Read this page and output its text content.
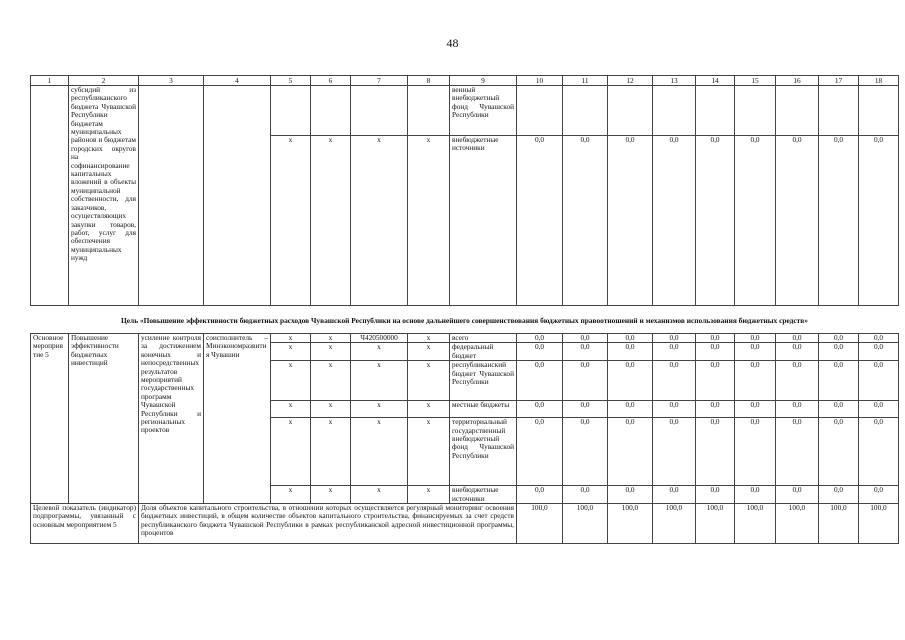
48
1	2	3	4	5	6	7	8	9	10	11	12	13	14	15	16	17	18
	субсидий из республиканского бюджета Чувашской Республики бюджетам муниципальных районов и бюджетам городских округов на софинансирование капитальных вложений в объекты муниципальной собственности, для заказчиков, осуществляющих закупки товаров, работ, услуг для обеспечения муниципальных нужд							венный внебюджетный фонд Чувашской Республики									
				x	x	x	x	внебюджетные источники	0,0	0,0	0,0	0,0	0,0	0,0	0,0	0,0	0,0
Цель «Повышение эффективности бюджетных расходов Чувашской Республики на основе дальнейшего совершенствования бюджетных правоотношений и механизмов использования бюджетных средств»																	
Основное мероприятие 5	Повышение эффективности бюджетных инвестиций	усиление контроля за достижением конечных и непосредственных результатов мероприятий государственных программ Чувашской Республики и региональных проектов	соисполнитель – Минэкономразвития Чувашии	x	x	Ч420500000	x	всего	0,0	0,0	0,0	0,0	0,0	0,0	0,0	0,0	0,0
				x	x	x	x	федеральный бюджет	0,0	0,0	0,0	0,0	0,0	0,0	0,0	0,0	0,0
				x	x	x	x	республиканский бюджет Чувашской Республики	0,0	0,0	0,0	0,0	0,0	0,0	0,0	0,0	0,0
				x	x	x	x	местные бюджеты	0,0	0,0	0,0	0,0	0,0	0,0	0,0	0,0	0,0
				x	x	x	x	территориальный государственный внебюджетный фонд Чувашской Республики	0,0	0,0	0,0	0,0	0,0	0,0	0,0	0,0	0,0
				x	x	x	x	внебюджетные источники	0,0	0,0	0,0	0,0	0,0	0,0	0,0	0,0	0,0
Целевой показатель (индикатор) подпрограммы, увязанный с основным мероприятием 5		Доля объектов капитального строительства, в отношении которых осуществляется регулярный мониторинг освоения бюджетных инвестиций, в общем количестве объектов капитального строительства, финансируемых за счет средств республиканского бюджета Чувашской Республики в рамках республиканской адресной инвестиционной программы, процентов							100,0	100,0	100,0	100,0	100,0	100,0	100,0	100,0	100,0
